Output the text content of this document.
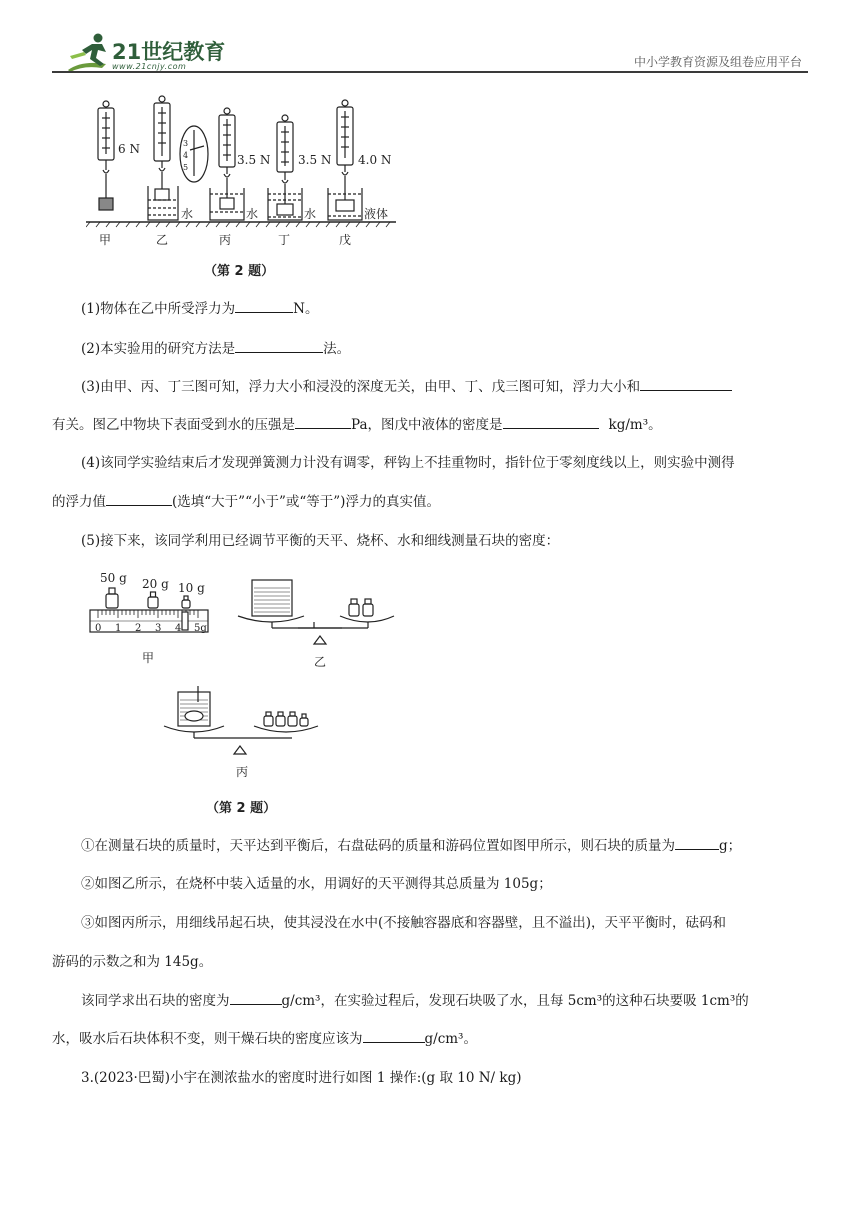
21世纪教育
www.21cnjy.com	中小学教育资源及组卷应用平台
3
4
5
6 N
3.5 N 3.5 N 4.0 N
水	水	水	液体
甲	乙	丙	丁	戊
（第 2 题）
(1)物体在乙中所受浮力为	N。
(2)本实验用的研究方法是	法。
(3)由甲、丙、丁三图可知，浮力大小和浸没的深度无关，由甲、丁、戊三图可知，浮力大小和
有关。图乙中物块下表面受到水的压强是	Pa，图戊中液体的密度是	kg/m³。
(4)该同学实验结束后才发现弹簧测力计没有调零，秤钩上不挂重物时，指针位于零刻度线以上，则实验中测得
的浮力值	(选填“大于”“小于”或“等于”)浮力的真实值。
(5)接下来，该同学利用已经调节平衡的天平、烧杯、水和细线测量石块的密度：
50 g 20 g 10 g
0 1 2 3 4 5g
甲	乙
丙
（第 2 题）
①在测量石块的质量时，天平达到平衡后，右盘砝码的质量和游码位置如图甲所示，则石块的质量为	g；
②如图乙所示，在烧杯中装入适量的水，用调好的天平测得其总质量为 105g；
③如图丙所示，用细线吊起石块，使其浸没在水中(不接触容器底和容器壁，且不溢出)，天平平衡时，砝码和
游码的示数之和为 145g。
该同学求出石块的密度为	g/cm³，在实验过程后，发现石块吸了水，且每 5cm³的这种石块要吸 1cm³的
水，吸水后石块体积不变，则干燥石块的密度应该为	g/cm³。
3.(2023·巴蜀)小宇在测浓盐水的密度时进行如图 1 操作:(g 取 10 N/ kg)
